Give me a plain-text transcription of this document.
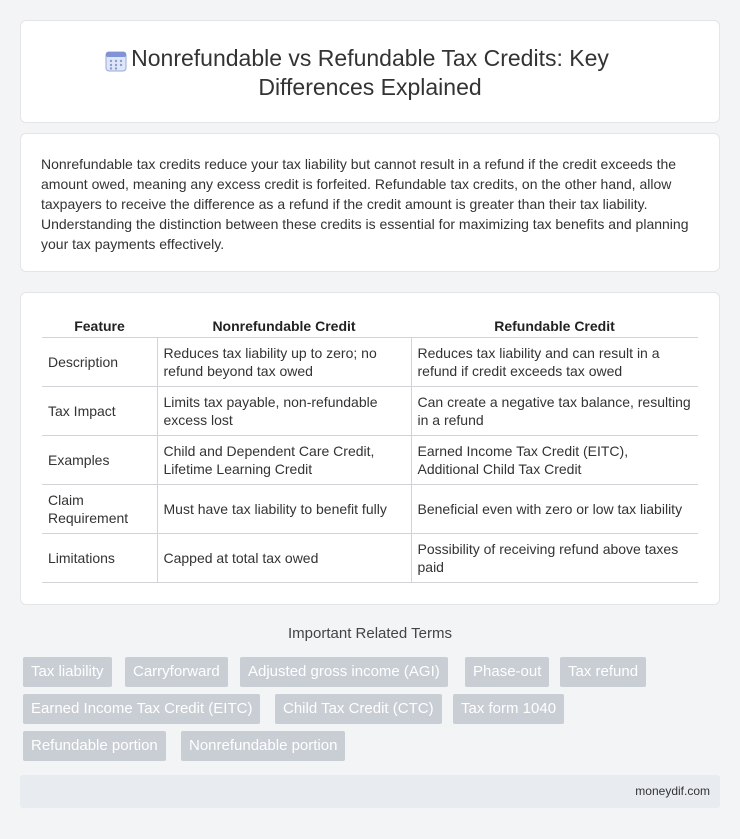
Nonrefundable vs Refundable Tax Credits: Key Differences Explained

Nonrefundable tax credits reduce your tax liability but cannot result in a refund if the credit exceeds the amount owed, meaning any excess credit is forfeited. Refundable tax credits, on the other hand, allow taxpayers to receive the difference as a refund if the credit amount is greater than their tax liability. Understanding the distinction between these credits is essential for maximizing tax benefits and planning your tax payments effectively.

Feature	Nonrefundable Credit	Refundable Credit
Description	Reduces tax liability up to zero; no refund beyond tax owed	Reduces tax liability and can result in a refund if credit exceeds tax owed
Tax Impact	Limits tax payable, non-refundable excess lost	Can create a negative tax balance, resulting in a refund
Examples	Child and Dependent Care Credit, Lifetime Learning Credit	Earned Income Tax Credit (EITC), Additional Child Tax Credit
Claim Requirement	Must have tax liability to benefit fully	Beneficial even with zero or low tax liability
Limitations	Capped at total tax owed	Possibility of receiving refund above taxes paid
Important Related Terms
Tax liability	Carryforward	Adjusted gross income (AGI)	Phase-out	Tax refund
Earned Income Tax Credit (EITC)	Child Tax Credit (CTC)	Tax form 1040
Refundable portion	Nonrefundable portion
moneydif.com
